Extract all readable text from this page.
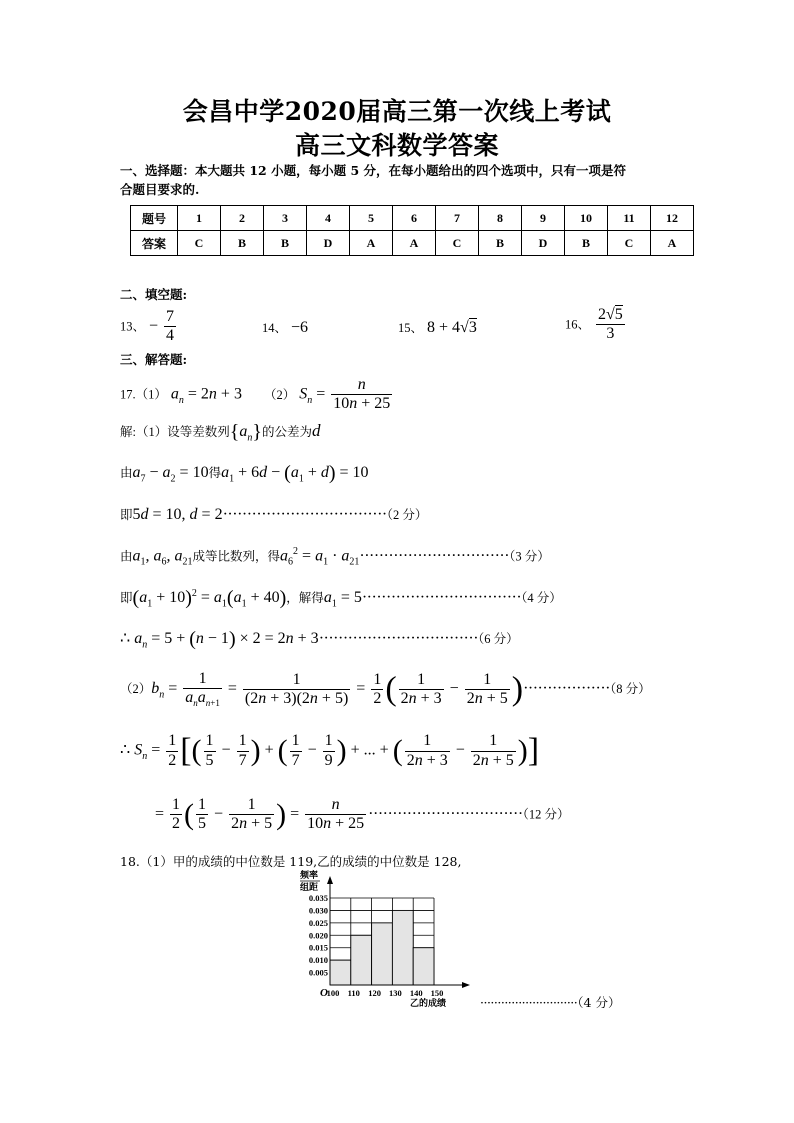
会昌中学2020届高三第一次线上考试
高三文科数学答案
一、选择题：本大题共 12 小题，每小题 5 分，在每小题给出的四个选项中，只有一项是符
合题目要求的.
题号	1	2	3	4	5	6	7	8	9	10	11	12
答案	C	B	B	D	A	A	C	B	D	B	C	A
二、填空题:
13、 − $\frac{7}{4}$	14、 −6	15、 8 + 4√3	16、 $\frac{2√5}{3}$
三、解答题:
17.（1） $a_n = 2n + 3$ （2） $S_n = \frac{n}{10n + 25}$
解:（1）设等差数列$\{a_n\}$的公差为d
由$a_7 - a_2 = 10$得$a_1 + 6d - (a_1 + d) = 10$
即5d = 10, d = 2··································（2 分）
由$a_1$, $a_6$, $a_{21}$成等比数列，得$a_6^2 = a_1 \cdot a_{21}\cdot\cdot\cdot\cdot\cdot\cdot\cdot\cdot\cdot\cdot\cdot\cdot\cdot\cdot\cdot\cdot\cdot\cdot\cdot\cdot\cdot\cdot\cdot\cdot\cdot\cdot\cdot\cdot\cdot\cdot\cdot(3$ 分）
即$(a_1 + 10)^2 = a_1(a_1 + 40)$，解得$a_1 = 5\cdot\cdot\cdot\cdot\cdot\cdot\cdot\cdot\cdot\cdot\cdot\cdot\cdot\cdot\cdot\cdot\cdot\cdot\cdot\cdot\cdot\cdot\cdot\cdot\cdot\cdot\cdot\cdot\cdot\cdot\cdot\cdot\cdot(4$ 分）
∴ $a_n = 5 + (n - 1) \times 2 = 2n + 3\cdot\cdot\cdot\cdot\cdot\cdot\cdot\cdot\cdot\cdot\cdot\cdot\cdot\cdot\cdot\cdot\cdot\cdot\cdot\cdot\cdot\cdot\cdot\cdot\cdot\cdot\cdot\cdot\cdot\cdot\cdot\cdot\cdot(6$ 分）
$(2)b_n$ =
1
$a_na_{n+1}$
= $\frac{1}{(2n + 3)(2n + 5)} = \frac{1}{2}$ ( $\frac{1}{2n + 3} - \frac{1}{2n + 5} )\cdot\cdot\cdot\cdot\cdot\cdot\cdot\cdot\cdot\cdot\cdot\cdot\cdot\cdot\cdot\cdot\cdot\cdot(8$ 分）
∴ $S_n = \frac{1}{2}$ [( $\frac{1}{5} - \frac{1}{7}$ ) + ( $\frac{1}{7} - \frac{1}{9}$ ) + ... + ( $\frac{1}{2n + 3} - \frac{1}{2n + 5}$ )]
= $\frac{1}{2}$ ( $\frac{1}{5} - \frac{1}{2n + 5}$ ) = $\frac{n}{10n + 25} \cdot\cdot\cdot\cdot\cdot\cdot\cdot\cdot\cdot\cdot\cdot\cdot\cdot\cdot\cdot\cdot\cdot\cdot\cdot\cdot\cdot\cdot\cdot\cdot\cdot\cdot\cdot\cdot\cdot\cdot\cdot\cdot(12$ 分）
18.（1）甲的成绩的中位数是 119,乙的成绩的中位数是 128,
频率
组距
O
乙的成绩
0.005
0.010
0.015
0.020
0.025
0.030
0.035
100 110 120 130 140 150
····························（4 分）
